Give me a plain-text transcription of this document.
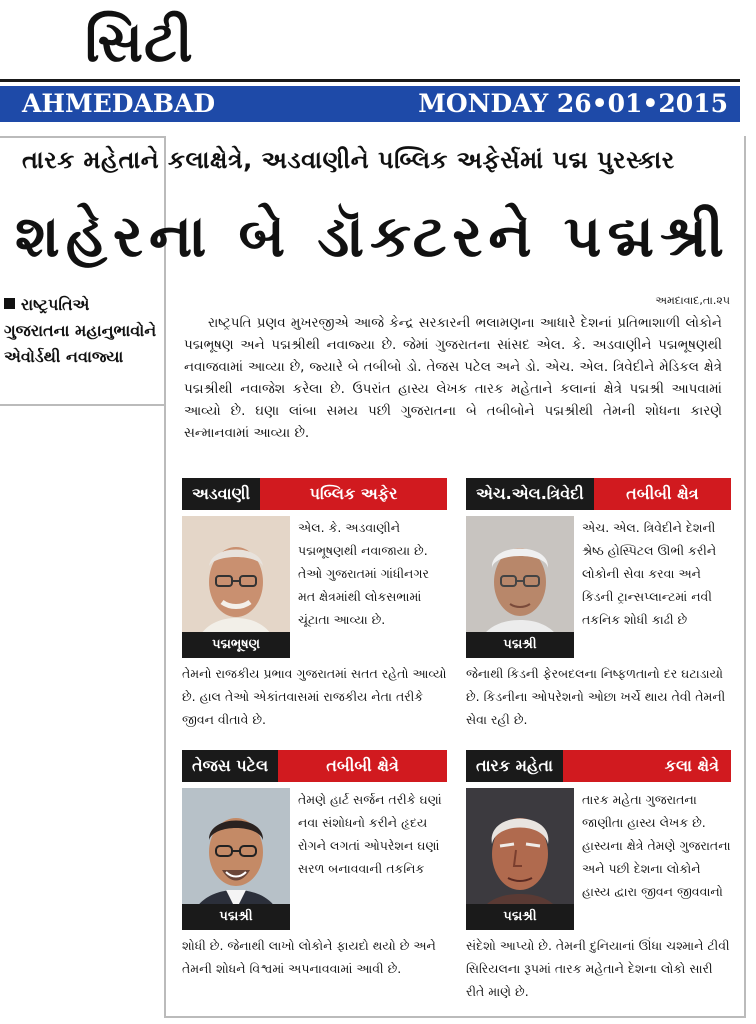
સિટી
AHMEDABAD	MONDAY 26•01•2015
તારક મહેતાને કલાક્ષેત્રે, અડવાણીને પબ્લિક અફેર્સમાં પદ્મ પુરસ્કાર
શહેરના બે ડૉક્ટરને પદ્મશ્રી
અમદાવાદ,તા.૨૫
રાષ્ટ્રપતિએ ગુજરાતના મહાનુભાવોને એવોર્ડથી નવાજ્યા
રાષ્ટ્રપતિ પ્રણવ મુખરજીએ આજે કેન્દ્ર સરકારની ભલામણના આધારે દેશનાં પ્રતિભાશાળી લોકોને પદ્મભૂષણ અને પદ્મશ્રીથી નવાજ્યા છે. જેમાં ગુજરાતના સાંસદ એલ. કે. અડવાણીને પદ્મભૂષણથી નવાજવામાં આવ્યા છે, જ્યારે બે તબીબો ડો. તેજસ પટેલ અને ડો. એચ. એલ. ત્રિવેદીને મેડિકલ ક્ષેત્રે પદ્મશ્રીથી નવાજેશ કરેલા છે. ઉપરાંત હાસ્ય લેખક તારક મહેતાને કલાનાં ક્ષેત્રે પદ્મશ્રી આપવામાં આવ્યો છે. ઘણા લાંબા સમય પછી ગુજરાતના બે તબીબોને પદ્મશ્રીથી તેમની શોધના કારણે સન્માનવામાં આવ્યા છે.
અડવાણી	પબ્લિક અફેર
પદ્મભૂષણ
એલ. કે. અડવાણીને પદ્મભૂષણથી નવાજાયા છે. તેઓ ગુજરાતમાં ગાંધીનગર મત ક્ષેત્રમાંથી લોકસભામાં ચૂંટાતા આવ્યા છે.
તેમનો રાજકીય પ્રભાવ ગુજરાતમાં સતત રહેતો આવ્યો છે. હાલ તેઓ એકાંતવાસમાં રાજકીય નેતા તરીકે જીવન વીતાવે છે.
એચ.એલ.ત્રિવેદી	તબીબી ક્ષેત્ર
પદ્મશ્રી
એચ. એલ. ત્રિવેદીને દેશની શ્રેષ્ઠ હોસ્પિટલ ઊભી કરીને લોકોની સેવા કરવા અને કિડની ટ્રાન્સપ્લાન્ટમાં નવી તકનિક શોધી કાઢી છે
જેનાથી કિડની ફેરબદલના નિષ્ફળતાનો દર ઘટાડાયો છે. કિડનીના ઓપરેશનો ઓછા ખર્ચે થાય તેવી તેમની સેવા રહી છે.
તેજસ પટેલ	તબીબી ક્ષેત્રે
પદ્મશ્રી
તેમણે હાર્ટ સર્જન તરીકે ઘણાં નવા સંશોધનો કરીને હૃદય રોગને લગતાં ઓપરેશન ઘણાં સરળ બનાવવાની તકનિક
શોધી છે. જેનાથી લાખો લોકોને ફાયદો થયો છે અને તેમની શોધને વિશ્વમાં અપનાવવામાં આવી છે.
તારક મહેતા	કલા ક્ષેત્રે
પદ્મશ્રી
તારક મહેતા ગુજરાતના જાણીતા હાસ્ય લેખક છે. હાસ્યના ક્ષેત્રે તેમણે ગુજરાતના અને પછી દેશના લોકોને હાસ્ય દ્વારા જીવન જીવવાનો
સંદેશો આપ્યો છે. તેમની દુનિયાનાં ઊંધા ચશ્માને ટીવી સિરિયલના રૂપમાં તારક મહેતાને દેશના લોકો સારી રીતે માણે છે.
